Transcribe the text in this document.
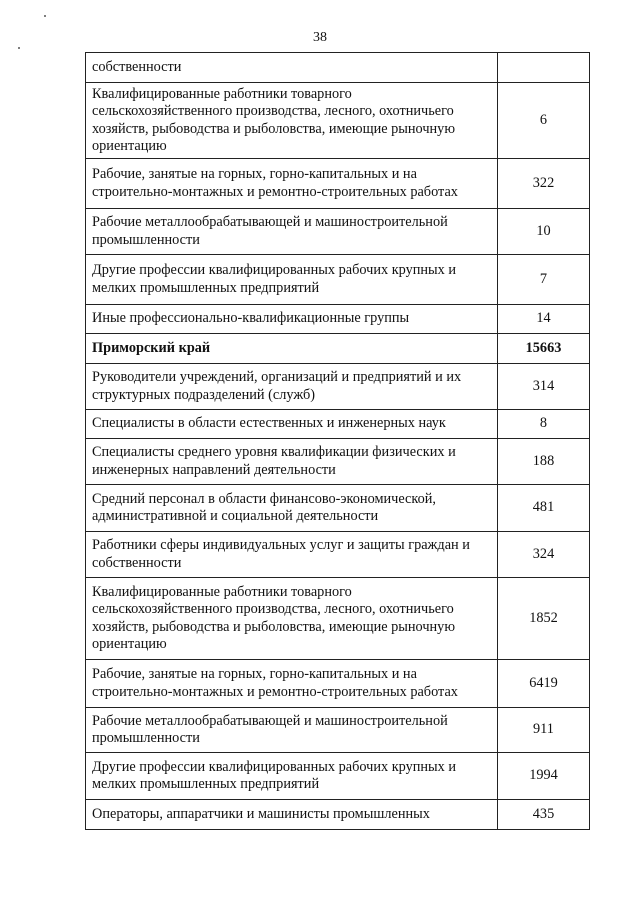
38
собственности	
Квалифицированные работники товарного сельскохозяйственного производства, лесного, охотничьего хозяйств, рыбоводства и рыболовства, имеющие рыночную ориентацию	6
Рабочие, занятые на горных, горно-капитальных и на строительно-монтажных и ремонтно-строительных работах	322
Рабочие металлообрабатывающей и машиностроительной промышленности	10
Другие профессии квалифицированных рабочих крупных и мелких промышленных предприятий	7
Иные профессионально-квалификационные группы	14
Приморский край	15663
Руководители учреждений, организаций и предприятий и их структурных подразделений (служб)	314
Специалисты в области естественных и инженерных наук	8
Специалисты среднего уровня квалификации физических и инженерных направлений деятельности	188
Средний персонал в области финансово-экономической, административной и социальной деятельности	481
Работники сферы индивидуальных услуг и защиты граждан и собственности	324
Квалифицированные работники товарного сельскохозяйственного производства, лесного, охотничьего хозяйств, рыбоводства и рыболовства, имеющие рыночную ориентацию	1852
Рабочие, занятые на горных, горно-капитальных и на строительно-монтажных и ремонтно-строительных работах	6419
Рабочие металлообрабатывающей и машиностроительной промышленности	911
Другие профессии квалифицированных рабочих крупных и мелких промышленных предприятий	1994
Операторы, аппаратчики и машинисты промышленных	435
